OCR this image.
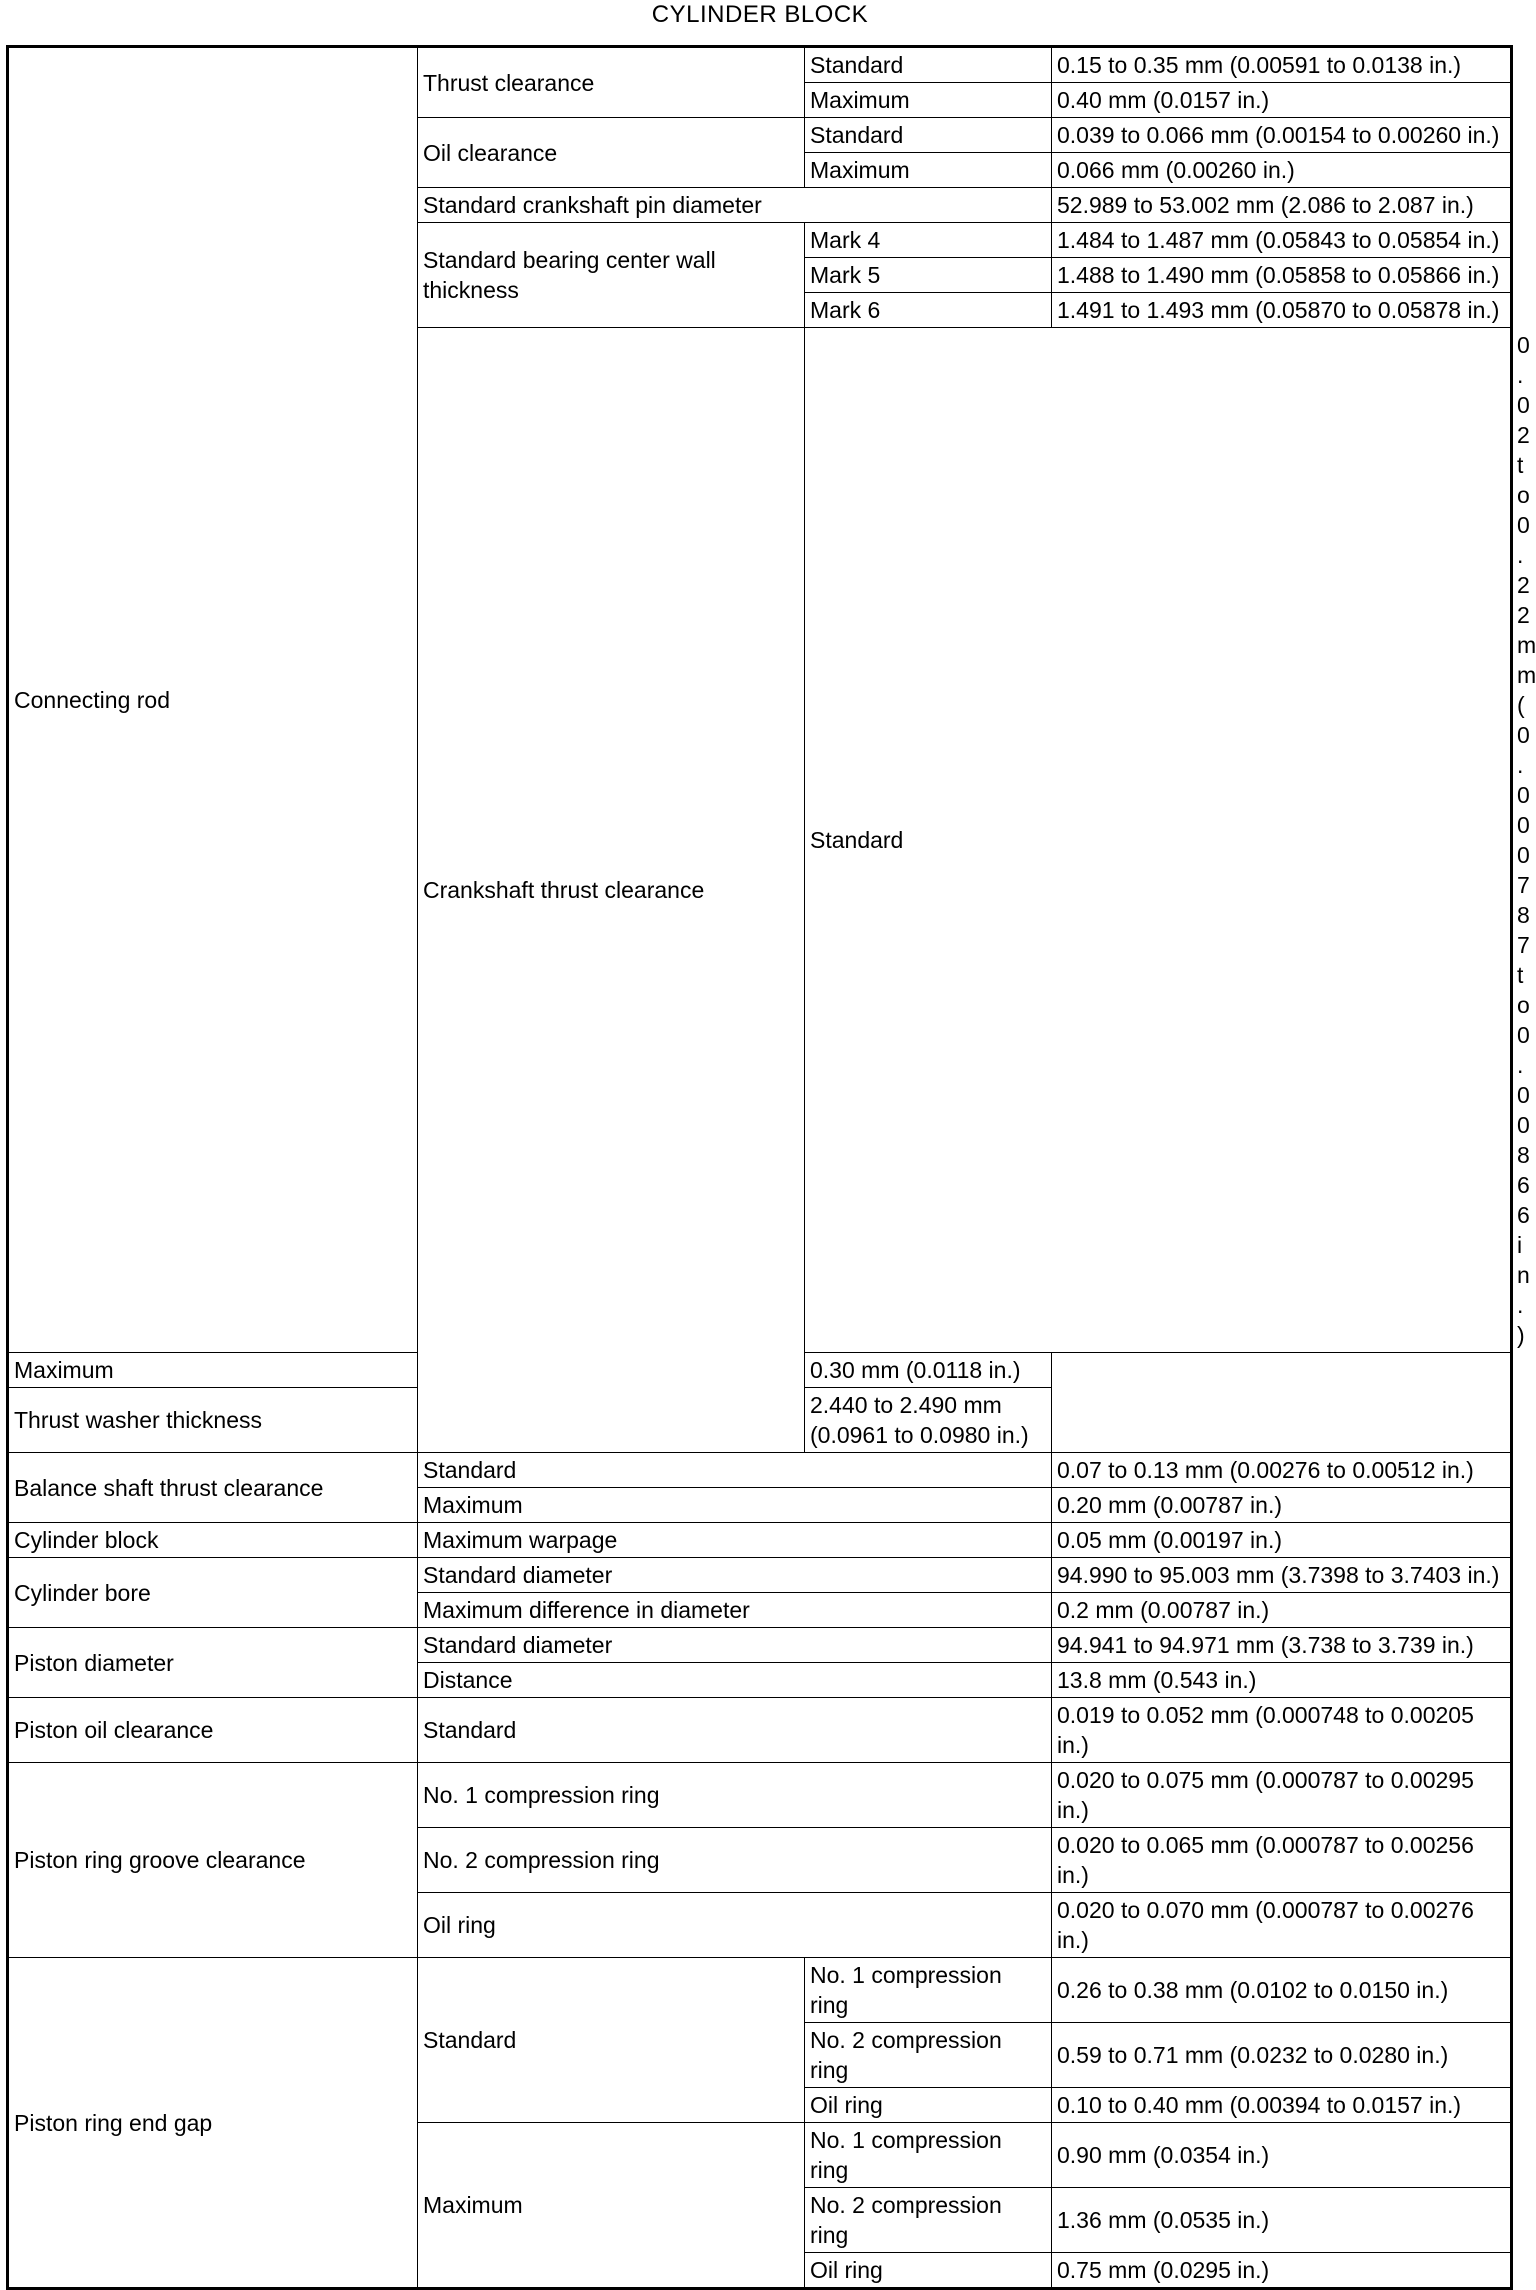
CYLINDER BLOCK
Connecting rod	Thrust clearance	Standard	0.15 to 0.35 mm (0.00591 to 0.0138 in.)	
		Maximum	0.40 mm (0.0157 in.)	
	Oil clearance	Standard	0.039 to 0.066 mm (0.00154 to 0.00260 in.)	
		Maximum	0.066 mm (0.00260 in.)	
	Standard crankshaft pin diameter		52.989 to 53.002 mm (2.086 to 2.087 in.)	
	Standard bearing center wall thickness	Mark 4	1.484 to 1.487 mm (0.05843 to 0.05854 in.)	
		Mark 5	1.488 to 1.490 mm (0.05858 to 0.05866 in.)	
		Mark 6	1.491 to 1.493 mm (0.05870 to 0.05878 in.)	
	Crankshaft thrust clearance	Standard		0.02 to 0.22 mm (0.000787 to 0.00866 in.)
Maximum		0.30 mm (0.0118 in.)		
Thrust washer thickness		2.440 to 2.490 mm (0.0961 to 0.0980 in.)		
Balance shaft thrust clearance	Standard		0.07 to 0.13 mm (0.00276 to 0.00512 in.)	
	Maximum		0.20 mm (0.00787 in.)	
Cylinder block	Maximum warpage		0.05 mm (0.00197 in.)	
Cylinder bore	Standard diameter		94.990 to 95.003 mm (3.7398 to 3.7403 in.)	
	Maximum difference in diameter		0.2 mm (0.00787 in.)	
Piston diameter	Standard diameter		94.941 to 94.971 mm (3.738 to 3.739 in.)	
	Distance		13.8 mm (0.543 in.)	
Piston oil clearance	Standard		0.019 to 0.052 mm (0.000748 to 0.00205 in.)	
Piston ring groove clearance	No. 1 compression ring		0.020 to 0.075 mm (0.000787 to 0.00295 in.)	
	No. 2 compression ring		0.020 to 0.065 mm (0.000787 to 0.00256 in.)	
	Oil ring		0.020 to 0.070 mm (0.000787 to 0.00276 in.)	
Piston ring end gap	Standard	No. 1 compression ring	0.26 to 0.38 mm (0.0102 to 0.0150 in.)	
		No. 2 compression ring	0.59 to 0.71 mm (0.0232 to 0.0280 in.)	
		Oil ring	0.10 to 0.40 mm (0.00394 to 0.0157 in.)	
	Maximum	No. 1 compression ring	0.90 mm (0.0354 in.)	
		No. 2 compression ring	1.36 mm (0.0535 in.)	
		Oil ring	0.75 mm (0.0295 in.)	
